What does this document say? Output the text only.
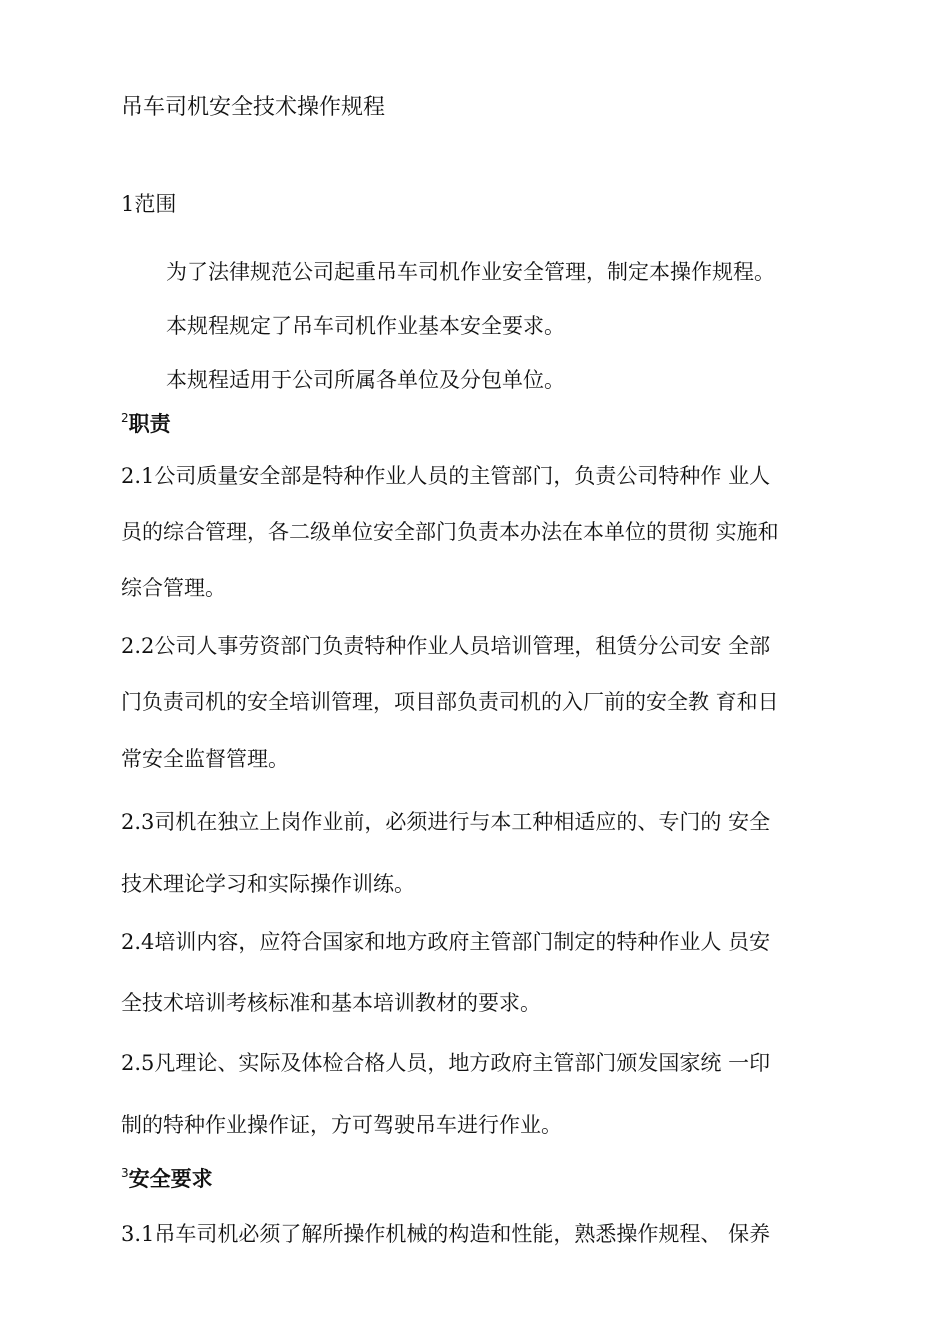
吊车司机安全技术操作规程
1范围
为了法律规范公司起重吊车司机作业安全管理，制定本操作规程。
本规程规定了吊车司机作业基本安全要求。
本规程适用于公司所属各单位及分包单位。
$^2$职责
2.1公司质量安全部是特种作业人员的主管部门，负责公司特种作 业人
员的综合管理，各二级单位安全部门负责本办法在本单位的贯彻 实施和
综合管理。
2.2公司人事劳资部门负责特种作业人员培训管理，租赁分公司安 全部
门负责司机的安全培训管理，项目部负责司机的入厂前的安全教 育和日
常安全监督管理。
2.3司机在独立上岗作业前，必须进行与本工种相适应的、专门的 安全
技术理论学习和实际操作训练。
2.4培训内容，应符合国家和地方政府主管部门制定的特种作业人 员安
全技术培训考核标准和基本培训教材的要求。
2.5凡理论、实际及体检合格人员，地方政府主管部门颁发国家统 一印
制的特种作业操作证，方可驾驶吊车进行作业。
$^3$安全要求
3.1吊车司机必须了解所操作机械的构造和性能，熟悉操作规程、 保养
